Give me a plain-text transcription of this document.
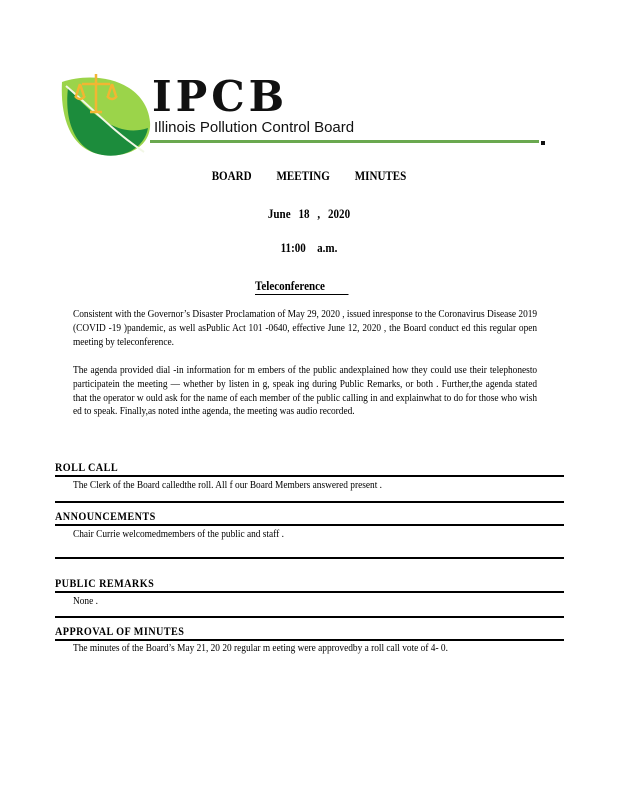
IPCB
Illinois Pollution Control Board
BOARD MEETING MINUTES
June 18 , 2020
11:00 a.m.
Teleconference
Consistent with the Governor’s Disaster Proclamation of May 29, 2020 , issued inresponse to the Coronavirus Disease 2019 (COVID -19 )pandemic, as well asPublic Act 101 -0640, effective June 12, 2020 , the Board conduct ed this regular open meeting by teleconference.
The agenda provided dial -in information for m embers of the public andexplained how they could use their telephonesto participatein the meeting — whether by listen in g, speak ing during Public Remarks, or both . Further,the agenda stated that the operator w ould ask for the name of each member of the public calling in and explainwhat to do for those who wish ed to speak. Finally,as noted inthe agenda, the meeting was audio recorded.
ROLL CALL
The Clerk of the Board calledthe roll. All f our Board Members answered present .
ANNOUNCEMENTS
Chair Currie welcomedmembers of the public and staff .
PUBLIC REMARKS
None .
APPROVAL OF MINUTES
The minutes of the Board’s May 21, 20 20 regular m eeting were approvedby a roll call vote of 4- 0.
